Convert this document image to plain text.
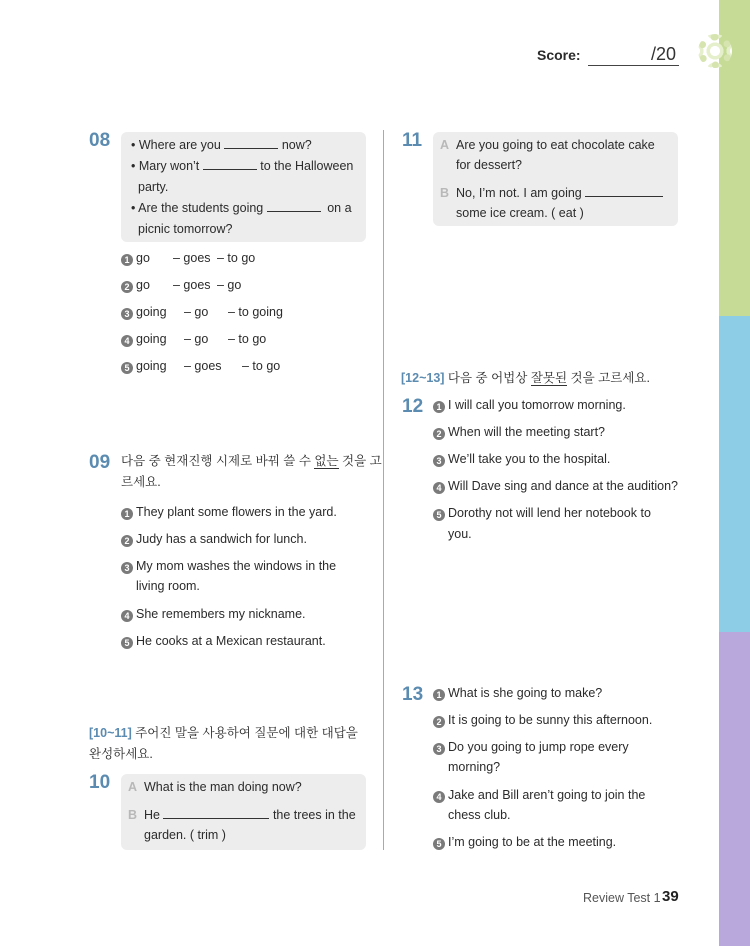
Score:	/20
08 • Where are you	now?
• Mary won’t	to the Halloween
party.
• Are the students going	on a
picnic tomorrow?
1 go – goes – to go
2 go – goes – go
3 going – go – to going
4 going – go – to go
5 going – goes – to go
09 다음 중 현재진행 시제로 바꿔 쓸 수 없는 것을 고
르세요.
1 They plant some flowers in the yard.
2 Judy has a sandwich for lunch.
3 My mom washes the windows in the
living room.
4 She remembers my nickname.
5 He cooks at a Mexican restaurant.
[10~11] 주어진 말을 사용하여 질문에 대한 대답을
완성하세요.
10 A What is the man doing now?
B He	the trees in the
garden. ( trim )
11 A Are you going to eat chocolate cake
for dessert?
B No, I’m not. I am going
some ice cream. ( eat )
[12~13] 다음 중 어법상 잘못된 것을 고르세요.
12	1 I will call you tomorrow morning.
2 When will the meeting start?
3 We’ll take you to the hospital.
4 Will Dave sing and dance at the audition?
5 Dorothy not will lend her notebook to
you.
13	1 What is she going to make?
2 It is going to be sunny this afternoon.
3 Do you going to jump rope every
morning?
4 Jake and Bill aren’t going to join the
chess club.
5 I’m going to be at the meeting.
Review Test 1 39
